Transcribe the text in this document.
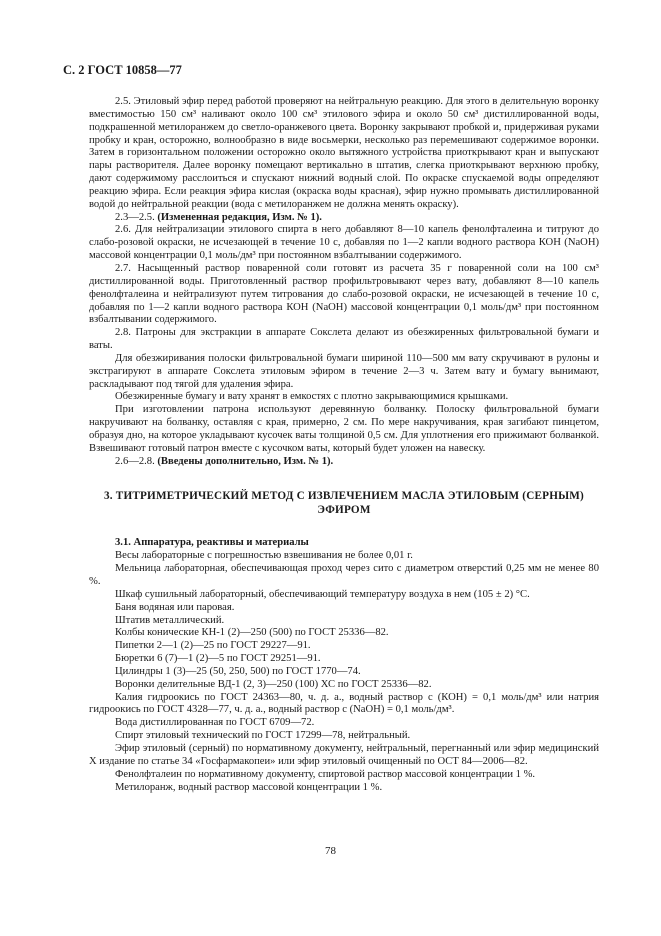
С. 2 ГОСТ 10858—77

2.5. Этиловый эфир перед работой проверяют на нейтральную реакцию. Для этого в делительную воронку вместимостью 150 см³ наливают около 100 см³ этилового эфира и около 50 см³ дистиллированной воды, подкрашенной метилоранжем до светло-оранжевого цвета. Воронку закрывают пробкой и, придерживая руками пробку и кран, осторожно, волнообразно в виде восьмерки, несколько раз перемешивают содержимое воронки. Затем в горизонтальном положении осторожно около вытяжного устройства приоткрывают кран и выпускают пары растворителя. Далее воронку помещают вертикально в штатив, слегка приоткрывают верхнюю пробку, дают содержимому расслоиться и спускают нижний водный слой. По окраске спускаемой воды определяют реакцию эфира. Если реакция эфира кислая (окраска воды красная), эфир нужно промывать дистиллированной водой до нейтральной реакции (вода с метилоранжем не должна менять окраску).

2.3—2.5. (Измененная редакция, Изм. № 1).

2.6. Для нейтрализации этилового спирта в него добавляют 8—10 капель фенолфталеина и титруют до слабо-розовой окраски, не исчезающей в течение 10 с, добавляя по 1—2 капли водного раствора КОН (NaOH) массовой концентрации 0,1 моль/дм³ при постоянном взбалтывании содержимого.

2.7. Насыщенный раствор поваренной соли готовят из расчета 35 г поваренной соли на 100 см³ дистиллированной воды. Приготовленный раствор профильтровывают через вату, добавляют 8—10 капель фенолфталеина и нейтрализуют путем титрования до слабо-розовой окраски, не исчезающей в течение 10 с, добавляя по 1—2 капли водного раствора КОН (NaOH) массовой концентрации 0,1 моль/дм³ при постоянном взбалтывании содержимого.

2.8. Патроны для экстракции в аппарате Сокслета делают из обезжиренных фильтровальной бумаги и ваты.

Для обезжиривания полоски фильтровальной бумаги шириной 110—500 мм вату скручивают в рулоны и экстрагируют в аппарате Сокслета этиловым эфиром в течение 2—3 ч. Затем вату и бумагу вынимают, раскладывают под тягой для удаления эфира.

Обезжиренные бумагу и вату хранят в емкостях с плотно закрывающимися крышками.

При изготовлении патрона используют деревянную болванку. Полоску фильтровальной бумаги накручивают на болванку, оставляя с края, примерно, 2 см. По мере накручивания, края загибают пинцетом, образуя дно, на которое укладывают кусочек ваты толщиной 0,5 см. Для уплотнения его прижимают болванкой. Взвешивают готовый патрон вместе с кусочком ваты, который будет уложен на навеску.

2.6—2.8. (Введены дополнительно, Изм. № 1).

3. ТИТРИМЕТРИЧЕСКИЙ МЕТОД С ИЗВЛЕЧЕНИЕМ МАСЛА ЭТИЛОВЫМ (СЕРНЫМ) ЭФИРОМ

3.1. Аппаратура, реактивы и материалы

Весы лабораторные с погрешностью взвешивания не более 0,01 г.

Мельница лабораторная, обеспечивающая проход через сито с диаметром отверстий 0,25 мм не менее 80 %.

Шкаф сушильный лабораторный, обеспечивающий температуру воздуха в нем (105 ± 2) °С.

Баня водяная или паровая.

Штатив металлический.

Колбы конические КН-1 (2)—250 (500) по ГОСТ 25336—82.

Пипетки 2—1 (2)—25 по ГОСТ 29227—91.

Бюретки 6 (7)—1 (2)—5 по ГОСТ 29251—91.

Цилиндры 1 (3)—25 (50, 250, 500) по ГОСТ 1770—74.

Воронки делительные ВД-1 (2, 3)—250 (100) ХС по ГОСТ 25336—82.

Калия гидроокись по ГОСТ 24363—80, ч. д. а., водный раствор с (КОН) = 0,1 моль/дм³ или натрия гидроокись по ГОСТ 4328—77, ч. д. а., водный раствор с (NaOH) = 0,1 моль/дм³.

Вода дистиллированная по ГОСТ 6709—72.

Спирт этиловый технический по ГОСТ 17299—78, нейтральный.

Эфир этиловый (серный) по нормативному документу, нейтральный, перегнанный или эфир медицинский Х издание по статье 34 «Госфармакопеи» или эфир этиловый очищенный по ОСТ 84—2006—82.

Фенолфталеин по нормативному документу, спиртовой раствор массовой концентрации 1 %.

Метилоранж, водный раствор массовой концентрации 1 %.

78
